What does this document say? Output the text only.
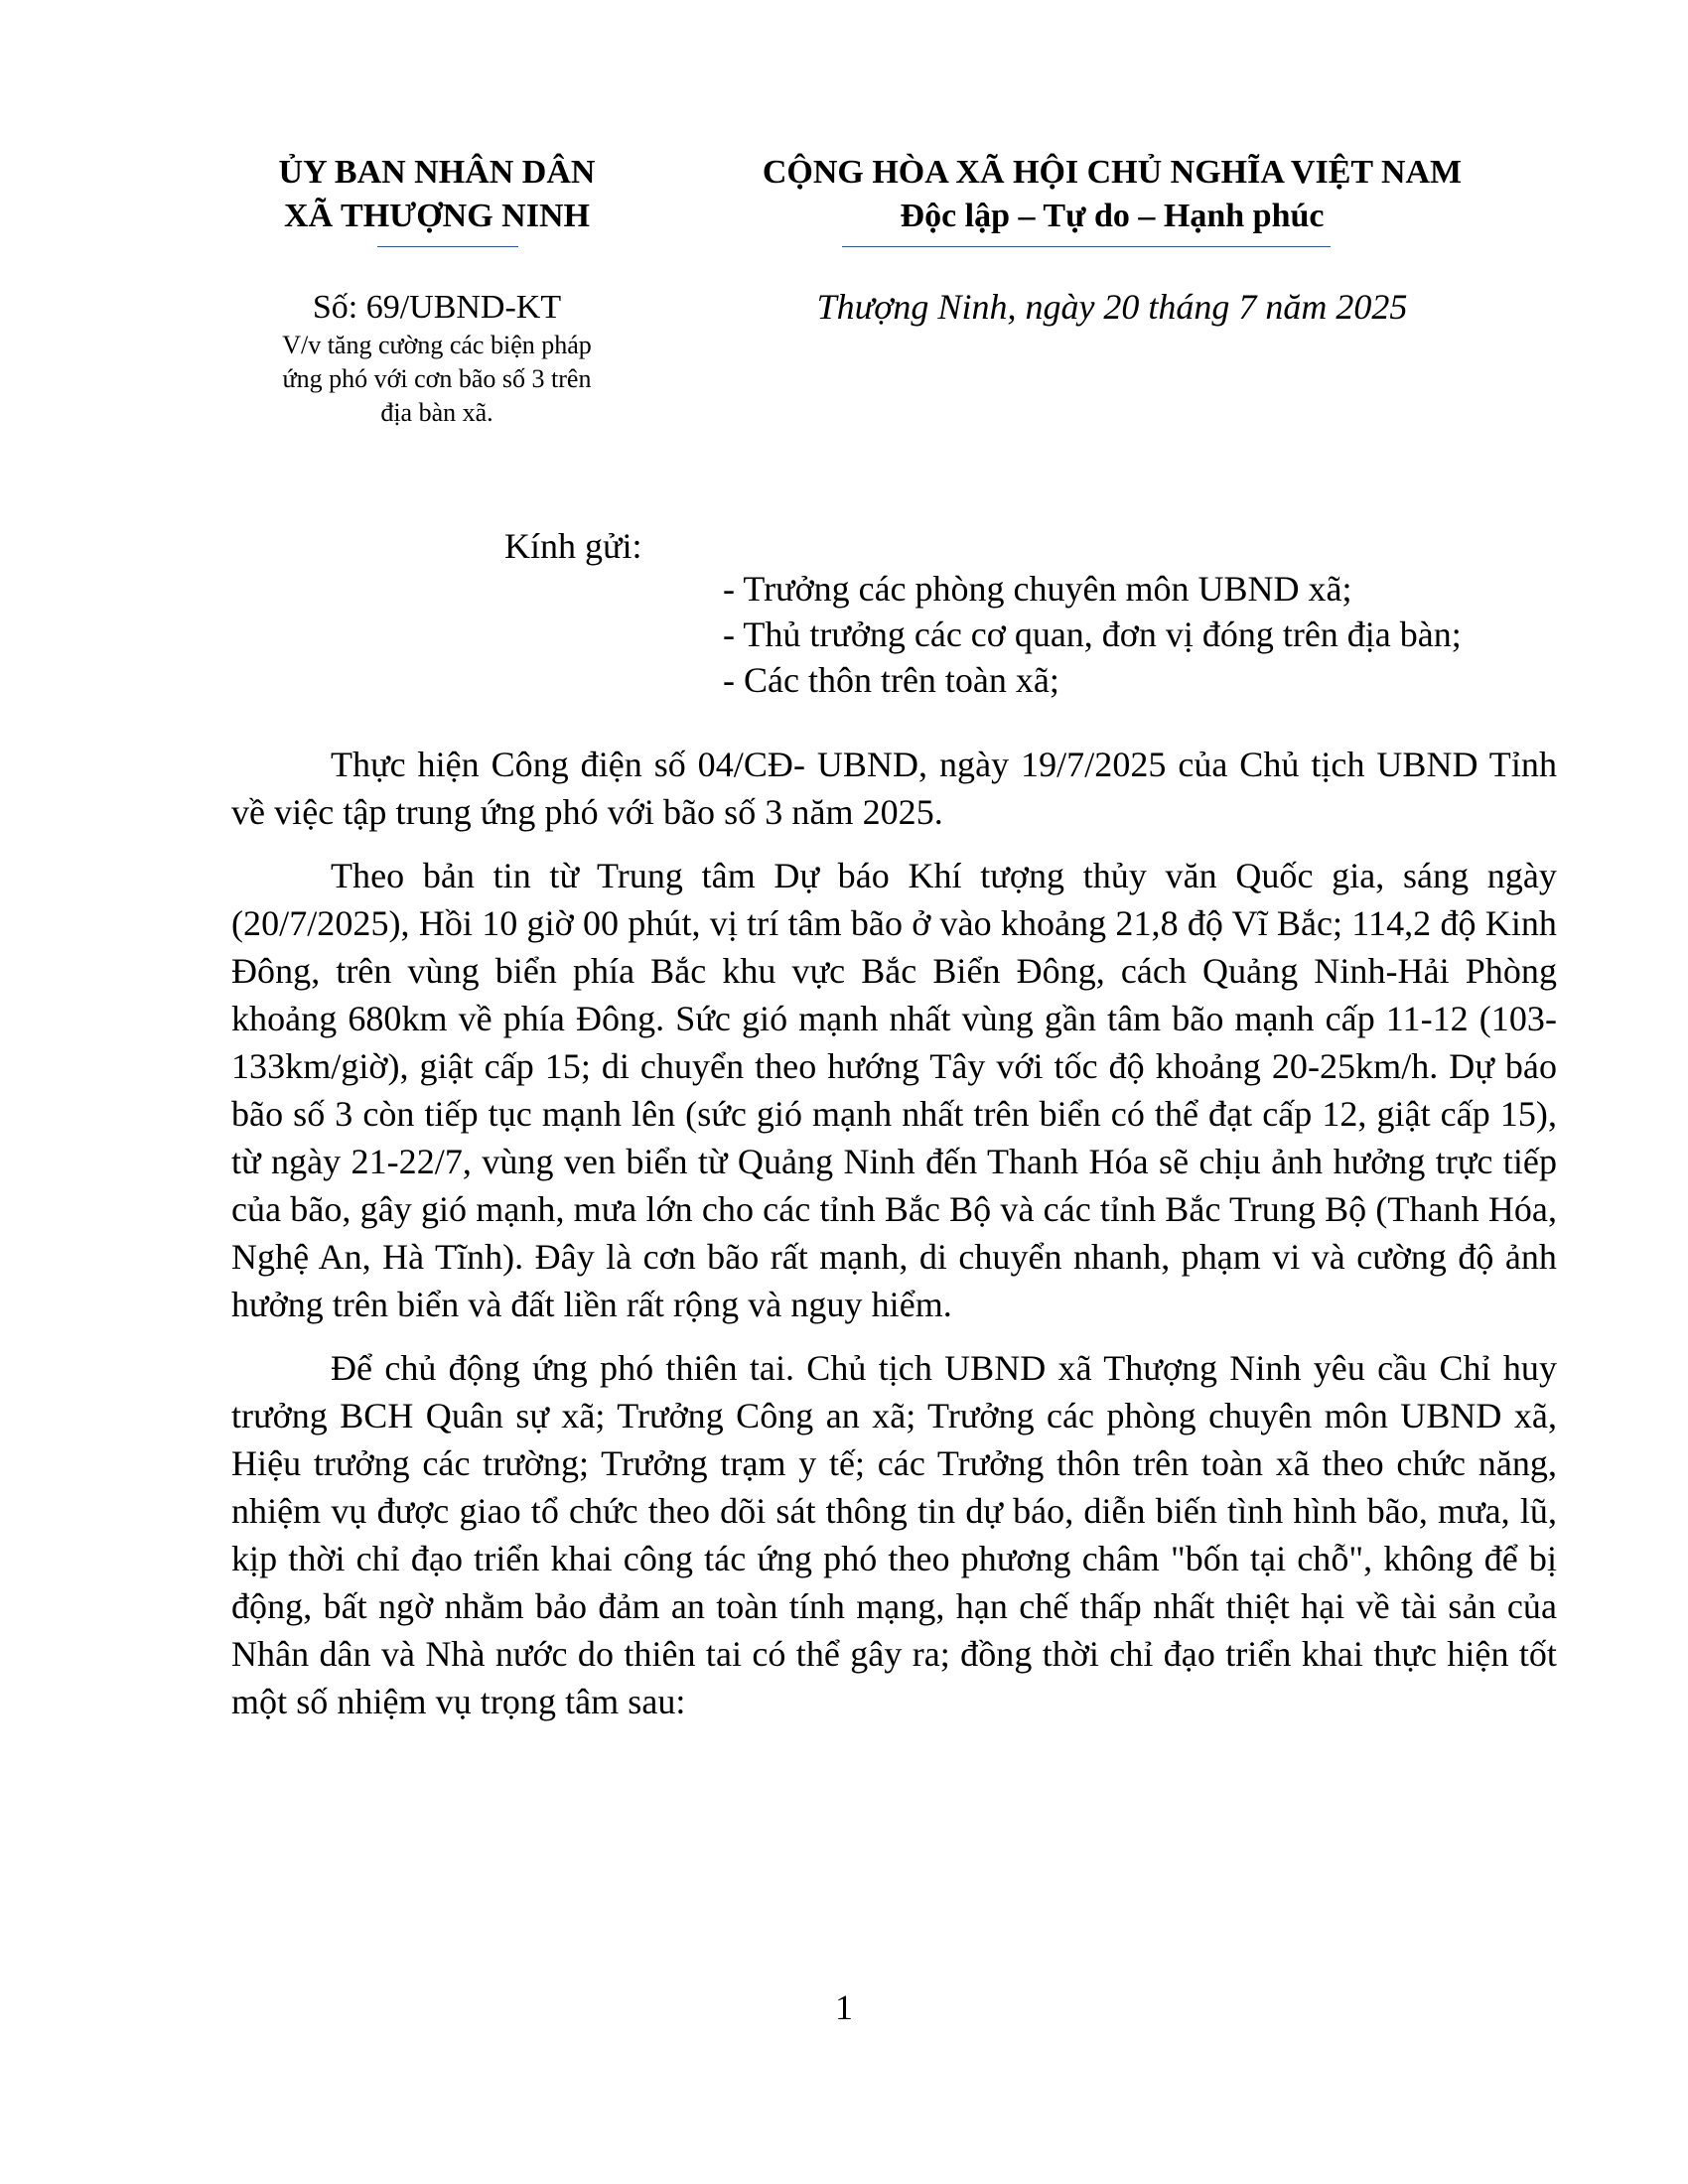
ỦY BAN NHÂN DÂN
XÃ THƯỢNG NINH
Số: 69/UBND-KT
V/v tăng cường các biện pháp
ứng phó với cơn bão số 3 trên
địa bàn xã.
CỘNG HÒA XÃ HỘI CHỦ NGHĨA VIỆT NAM
Độc lập – Tự do – Hạnh phúc
Thượng Ninh, ngày 20 tháng 7 năm 2025
Kính gửi:
- Trưởng các phòng chuyên môn UBND xã;
- Thủ trưởng các cơ quan, đơn vị đóng trên địa bàn;
- Các thôn trên toàn xã;

Thực hiện Công điện số 04/CĐ- UBND, ngày 19/7/2025 của Chủ tịch UBND Tỉnh về việc tập trung ứng phó với bão số 3 năm 2025.

Theo bản tin từ Trung tâm Dự báo Khí tượng thủy văn Quốc gia, sáng ngày (20/7/2025), Hồi 10 giờ 00 phút, vị trí tâm bão ở vào khoảng 21,8 độ Vĩ Bắc; 114,2 độ Kinh Đông, trên vùng biển phía Bắc khu vực Bắc Biển Đông, cách Quảng Ninh-Hải Phòng khoảng 680km về phía Đông. Sức gió mạnh nhất vùng gần tâm bão mạnh cấp 11-12 (103-133km/giờ), giật cấp 15; di chuyển theo hướng Tây với tốc độ khoảng 20-25km/h. Dự báo bão số 3 còn tiếp tục mạnh lên (sức gió mạnh nhất trên biển có thể đạt cấp 12, giật cấp 15), từ ngày 21-22/7, vùng ven biển từ Quảng Ninh đến Thanh Hóa sẽ chịu ảnh hưởng trực tiếp của bão, gây gió mạnh, mưa lớn cho các tỉnh Bắc Bộ và các tỉnh Bắc Trung Bộ (Thanh Hóa, Nghệ An, Hà Tĩnh). Đây là cơn bão rất mạnh, di chuyển nhanh, phạm vi và cường độ ảnh hưởng trên biển và đất liền rất rộng và nguy hiểm.

Để chủ động ứng phó thiên tai. Chủ tịch UBND xã Thượng Ninh yêu cầu Chỉ huy trưởng BCH Quân sự xã; Trưởng Công an xã; Trưởng các phòng chuyên môn UBND xã, Hiệu trưởng các trường; Trưởng trạm y tế; các Trưởng thôn trên toàn xã theo chức năng, nhiệm vụ được giao tổ chức theo dõi sát thông tin dự báo, diễn biến tình hình bão, mưa, lũ, kịp thời chỉ đạo triển khai công tác ứng phó theo phương châm "bốn tại chỗ", không để bị động, bất ngờ nhằm bảo đảm an toàn tính mạng, hạn chế thấp nhất thiệt hại về tài sản của Nhân dân và Nhà nước do thiên tai có thể gây ra; đồng thời chỉ đạo triển khai thực hiện tốt một số nhiệm vụ trọng tâm sau:

1
